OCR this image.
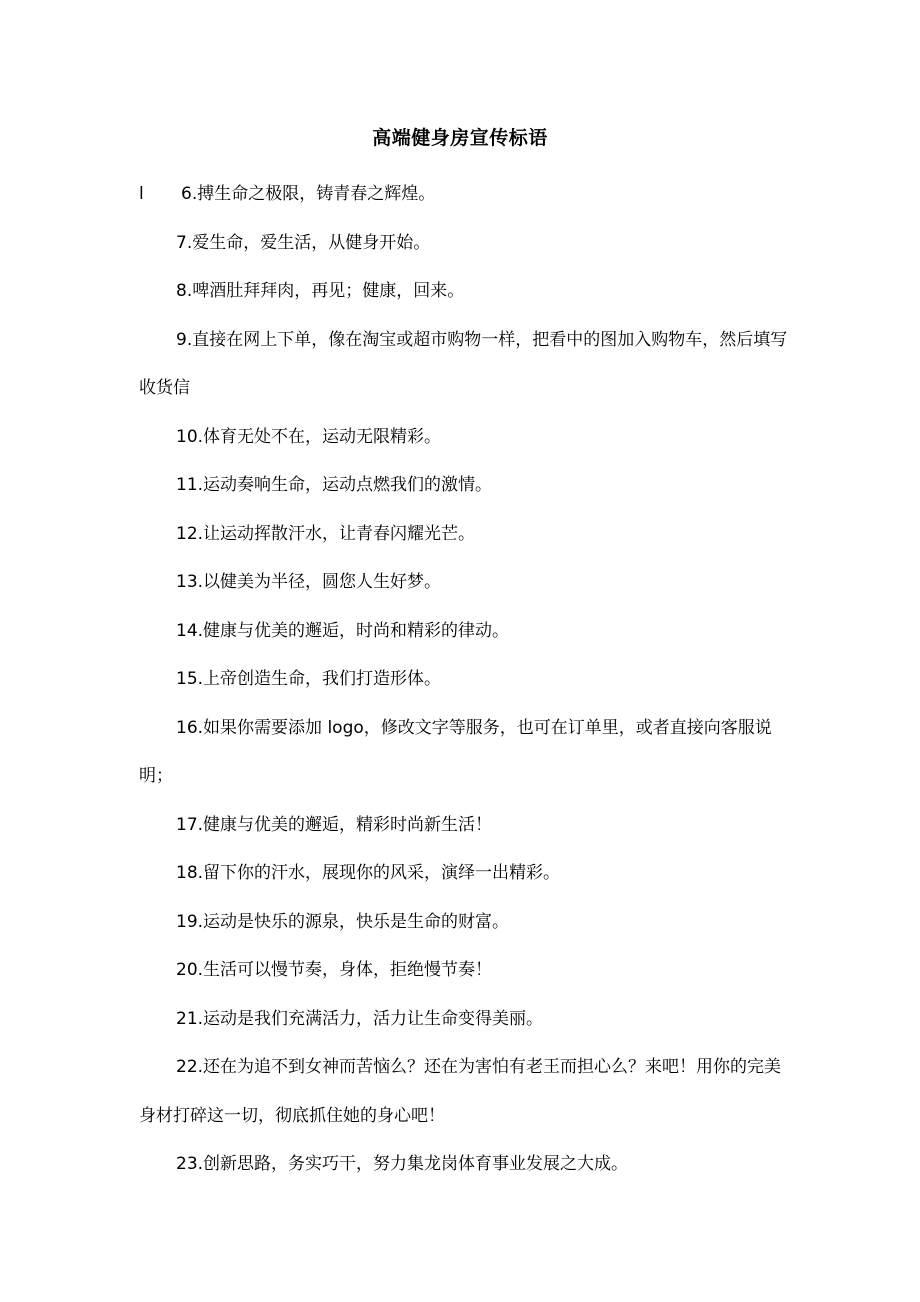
高端健身房宣传标语

l 6.搏生命之极限，铸青春之辉煌。

7.爱生命，爱生活，从健身开始。

8.啤酒肚拜拜肉，再见；健康，回来。

9.直接在网上下单，像在淘宝或超市购物一样，把看中的图加入购物车，然后填写收货信

10.体育无处不在，运动无限精彩。

11.运动奏响生命，运动点燃我们的激情。

12.让运动挥散汗水，让青春闪耀光芒。

13.以健美为半径，圆您人生好梦。

14.健康与优美的邂逅，时尚和精彩的律动。

15.上帝创造生命，我们打造形体。

16.如果你需要添加 logo，修改文字等服务，也可在订单里，或者直接向客服说明；

17.健康与优美的邂逅，精彩时尚新生活！

18.留下你的汗水，展现你的风采，演绎一出精彩。

19.运动是快乐的源泉，快乐是生命的财富。

20.生活可以慢节奏，身体，拒绝慢节奏！

21.运动是我们充满活力，活力让生命变得美丽。

22.还在为追不到女神而苦恼么？还在为害怕有老王而担心么？来吧！用你的完美身材打碎这一切，彻底抓住她的身心吧！

23.创新思路，务实巧干，努力集龙岗体育事业发展之大成。
